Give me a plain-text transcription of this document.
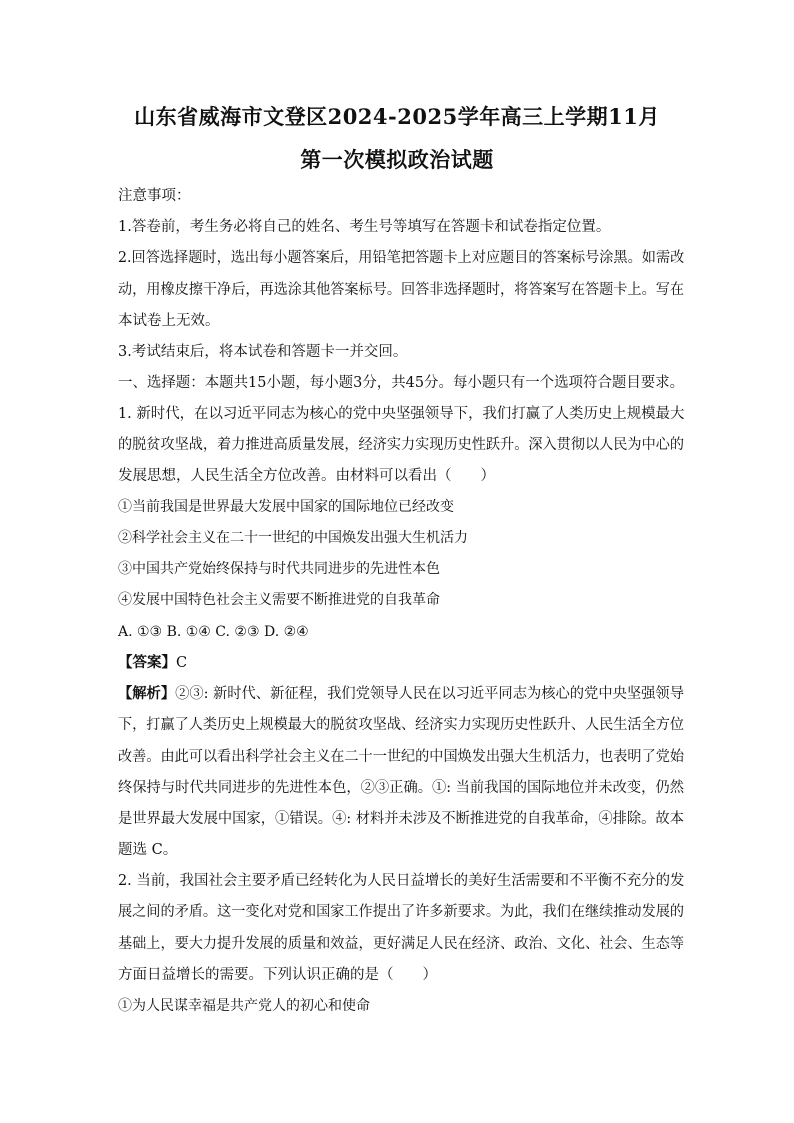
山东省威海市文登区2024-2025学年高三上学期11月
第一次模拟政治试题
注意事项：
1.答卷前，考生务必将自己的姓名、考生号等填写在答题卡和试卷指定位置。
2.回答选择题时，选出每小题答案后，用铅笔把答题卡上对应题目的答案标号涂黑。如需改
动，用橡皮擦干净后，再选涂其他答案标号。回答非选择题时，将答案写在答题卡上。写在
本试卷上无效。
3.考试结束后，将本试卷和答题卡一并交回。
一、选择题：本题共15小题，每小题3分，共45分。每小题只有一个选项符合题目要求。
1. 新时代，在以习近平同志为核心的党中央坚强领导下，我们打赢了人类历史上规模最大
的脱贫攻坚战，着力推进高质量发展，经济实力实现历史性跃升。深入贯彻以人民为中心的
发展思想，人民生活全方位改善。由材料可以看出（　　）
①当前我国是世界最大发展中国家的国际地位已经改变
②科学社会主义在二十一世纪的中国焕发出强大生机活力
③中国共产党始终保持与时代共同进步的先进性本色
④发展中国特色社会主义需要不断推进党的自我革命
A. ①③ B. ①④ C. ②③ D. ②④
【答案】C
【解析】②③: 新时代、新征程，我们党领导人民在以习近平同志为核心的党中央坚强领导
下，打赢了人类历史上规模最大的脱贫攻坚战、经济实力实现历史性跃升、人民生活全方位
改善。由此可以看出科学社会主义在二十一世纪的中国焕发出强大生机活力，也表明了党始
终保持与时代共同进步的先进性本色，②③正确。①: 当前我国的国际地位并未改变，仍然
是世界最大发展中国家，①错误。④: 材料并未涉及不断推进党的自我革命，④排除。故本
题选 C。
2. 当前，我国社会主要矛盾已经转化为人民日益增长的美好生活需要和不平衡不充分的发
展之间的矛盾。这一变化对党和国家工作提出了许多新要求。为此，我们在继续推动发展的
基础上，要大力提升发展的质量和效益，更好满足人民在经济、政治、文化、社会、生态等
方面日益增长的需要。下列认识正确的是（　　）
①为人民谋幸福是共产党人的初心和使命
